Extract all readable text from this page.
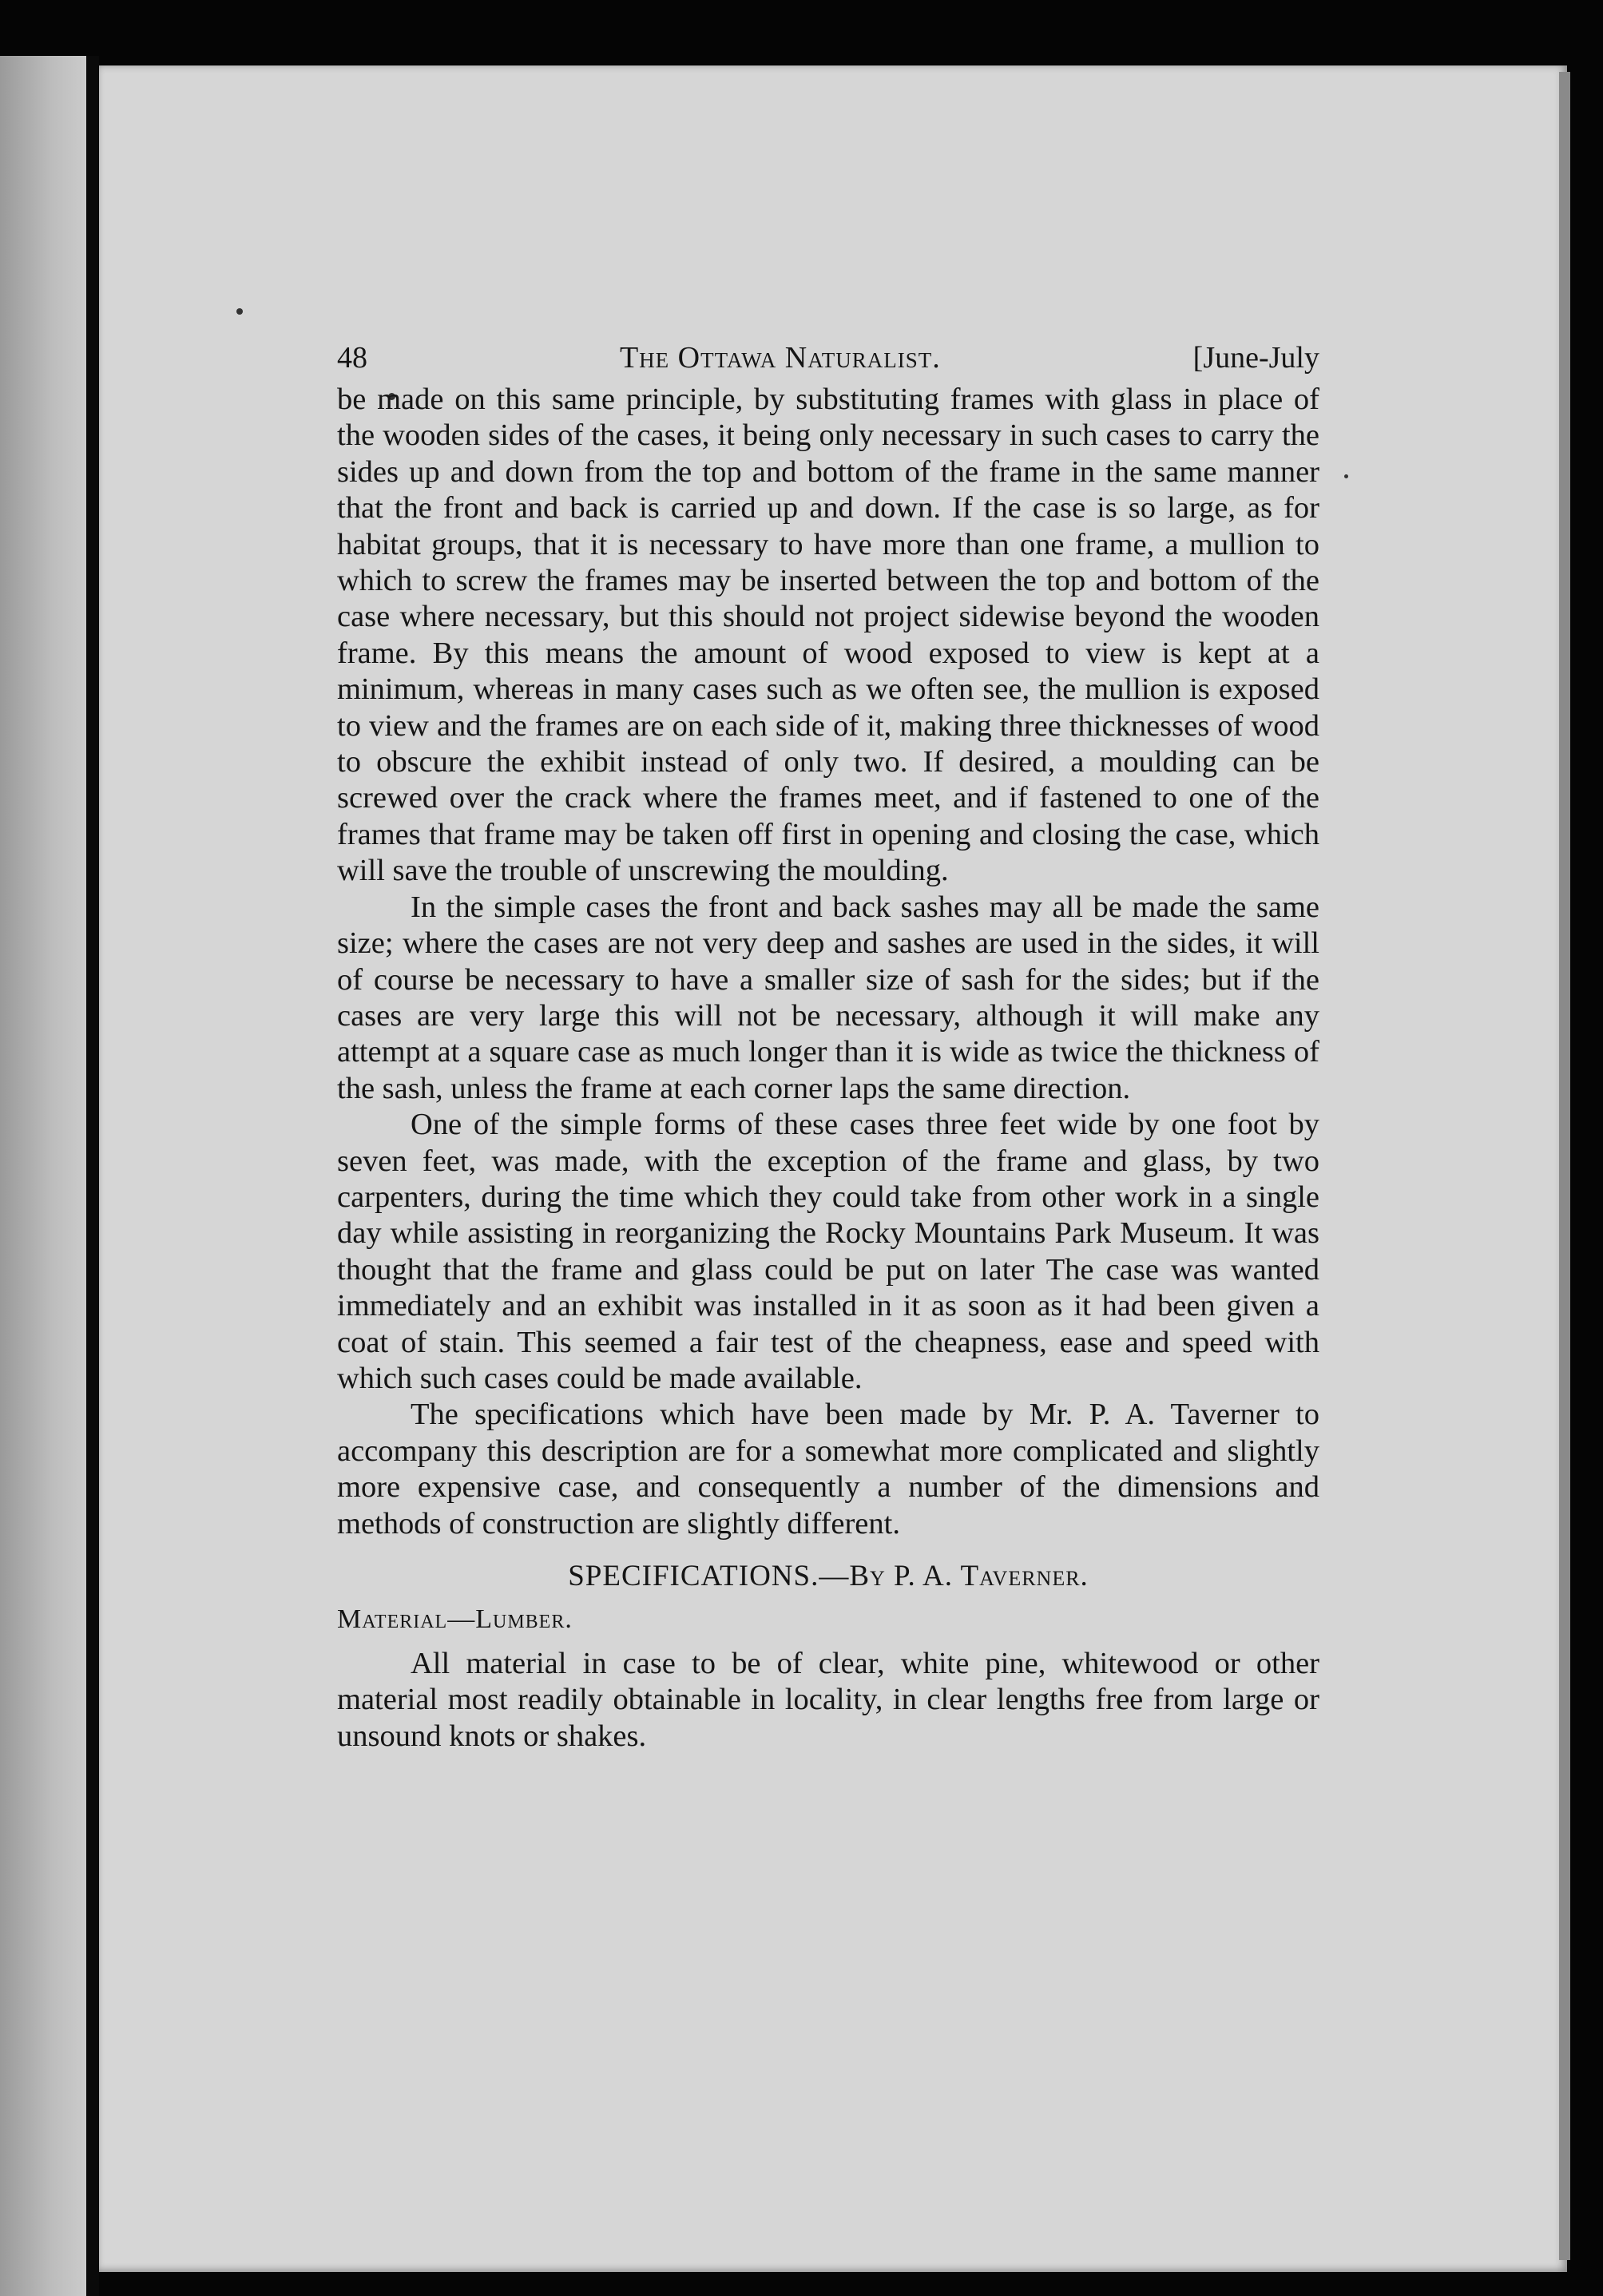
48	The Ottawa Naturalist.	[June-July

be made on this same principle, by substituting frames with glass in place of the wooden sides of the cases, it being only necessary in such cases to carry the sides up and down from the top and bottom of the frame in the same manner that the front and back is carried up and down. If the case is so large, as for habitat groups, that it is necessary to have more than one frame, a mullion to which to screw the frames may be inserted between the top and bottom of the case where necessary, but this should not project sidewise beyond the wooden frame. By this means the amount of wood exposed to view is kept at a minimum, whereas in many cases such as we often see, the mullion is exposed to view and the frames are on each side of it, making three thicknesses of wood to obscure the exhibit instead of only two. If desired, a moulding can be screwed over the crack where the frames meet, and if fastened to one of the frames that frame may be taken off first in opening and closing the case, which will save the trouble of unscrewing the moulding.

In the simple cases the front and back sashes may all be made the same size; where the cases are not very deep and sashes are used in the sides, it will of course be necessary to have a smaller size of sash for the sides; but if the cases are very large this will not be necessary, although it will make any attempt at a square case as much longer than it is wide as twice the thickness of the sash, unless the frame at each corner laps the same direction.

One of the simple forms of these cases three feet wide by one foot by seven feet, was made, with the exception of the frame and glass, by two carpenters, during the time which they could take from other work in a single day while assisting in reorganizing the Rocky Mountains Park Museum. It was thought that the frame and glass could be put on later The case was wanted immediately and an exhibit was installed in it as soon as it had been given a coat of stain. This seemed a fair test of the cheapness, ease and speed with which such cases could be made available.

The specifications which have been made by Mr. P. A. Taverner to accompany this description are for a somewhat more complicated and slightly more expensive case, and consequently a number of the dimensions and methods of construction are slightly different.

SPECIFICATIONS.—By P. A. Taverner.
Material—Lumber.

All material in case to be of clear, white pine, whitewood or other material most readily obtainable in locality, in clear lengths free from large or unsound knots or shakes.
